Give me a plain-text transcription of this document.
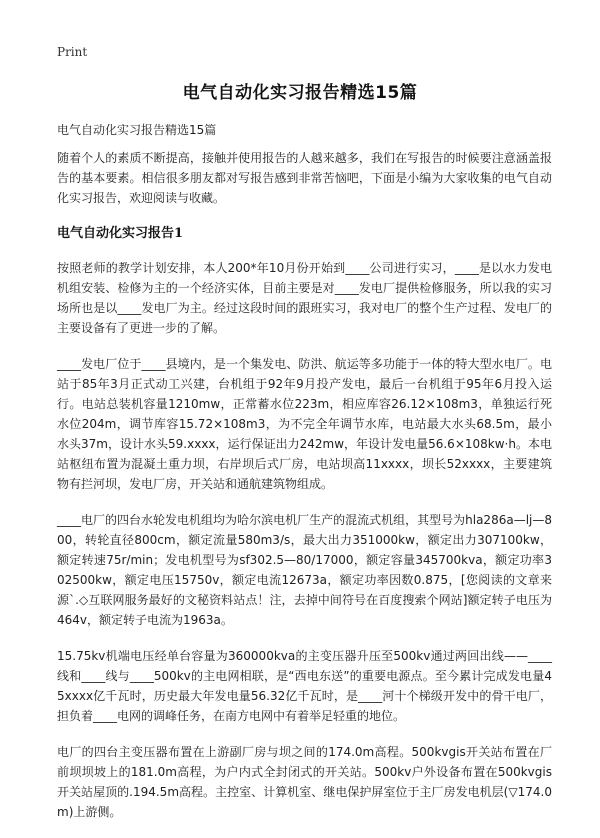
Print
电气自动化实习报告精选15篇
电气自动化实习报告精选15篇

随着个人的素质不断提高，接触并使用报告的人越来越多，我们在写报告的时候要注意涵盖报告的基本要素。相信很多朋友都对写报告感到非常苦恼吧，下面是小编为大家收集的电气自动化实习报告，欢迎阅读与收藏。

电气自动化实习报告1

按照老师的教学计划安排，本人200*年10月份开始到____公司进行实习，____是以水力发电机组安装、检修为主的一个经济实体，目前主要是对____发电厂提供检修服务，所以我的实习场所也是以____发电厂为主。经过这段时间的跟班实习，我对电厂的整个生产过程、发电厂的主要设备有了更进一步的了解。

____发电厂位于____县境内，是一个集发电、防洪、航运等多功能于一体的特大型水电厂。电站于85年3月正式动工兴建，台机组于92年9月投产发电，最后一台机组于95年6月投入运行。电站总装机容量1210mw，正常蓄水位223m，相应库容26.12×108m3，单独运行死水位204m，调节库容15.72×108m3，为不完全年调节水库，电站最大水头68.5m，最小水头37m，设计水头59.xxxx，运行保证出力242mw，年设计发电量56.6×108kw·h。本电站枢纽布置为混凝土重力坝，右岸坝后式厂房，电站坝高11xxxx，坝长52xxxx，主要建筑物有拦河坝，发电厂房，开关站和通航建筑物组成。

____电厂的四台水轮发电机组均为哈尔滨电机厂生产的混流式机组，其型号为hla286a—lj—800，转轮直径800cm，额定流量580m3/s，最大出力351000kw，额定出力307100kw，额定转速75r/min；发电机型号为sf302.5—80/17000，额定容量345700kva，额定功率302500kw，额定电压15750v，额定电流12673a，额定功率因数0.875，[您阅读的文章来源`.◇互联网服务最好的文秘资料站点！注，去掉中间符号在百度搜索个网站]额定转子电压为464v，额定转子电流为1963a。

15.75kv机端电压经单台容量为360000kva的主变压器升压至500kv通过两回出线——____线和____线与____500kv的主电网相联，是“西电东送”的重要电源点。至今累计完成发电量45xxxx亿千瓦时，历史最大年发电量56.32亿千瓦时，是____河十个梯级开发中的骨干电厂，担负着____电网的调峰任务，在南方电网中有着举足轻重的地位。

电厂的四台主变压器布置在上游副厂房与坝之间的174.0m高程。500kvgis开关站布置在厂前坝坝坡上的181.0m高程，为户内式全封闭式的开关站。500kv户外设备布置在500kvgis开关站屋顶的.194.5m高程。主控室、计算机室、继电保护屏室位于主厂房发电机层(▽174.0m)上游侧。
